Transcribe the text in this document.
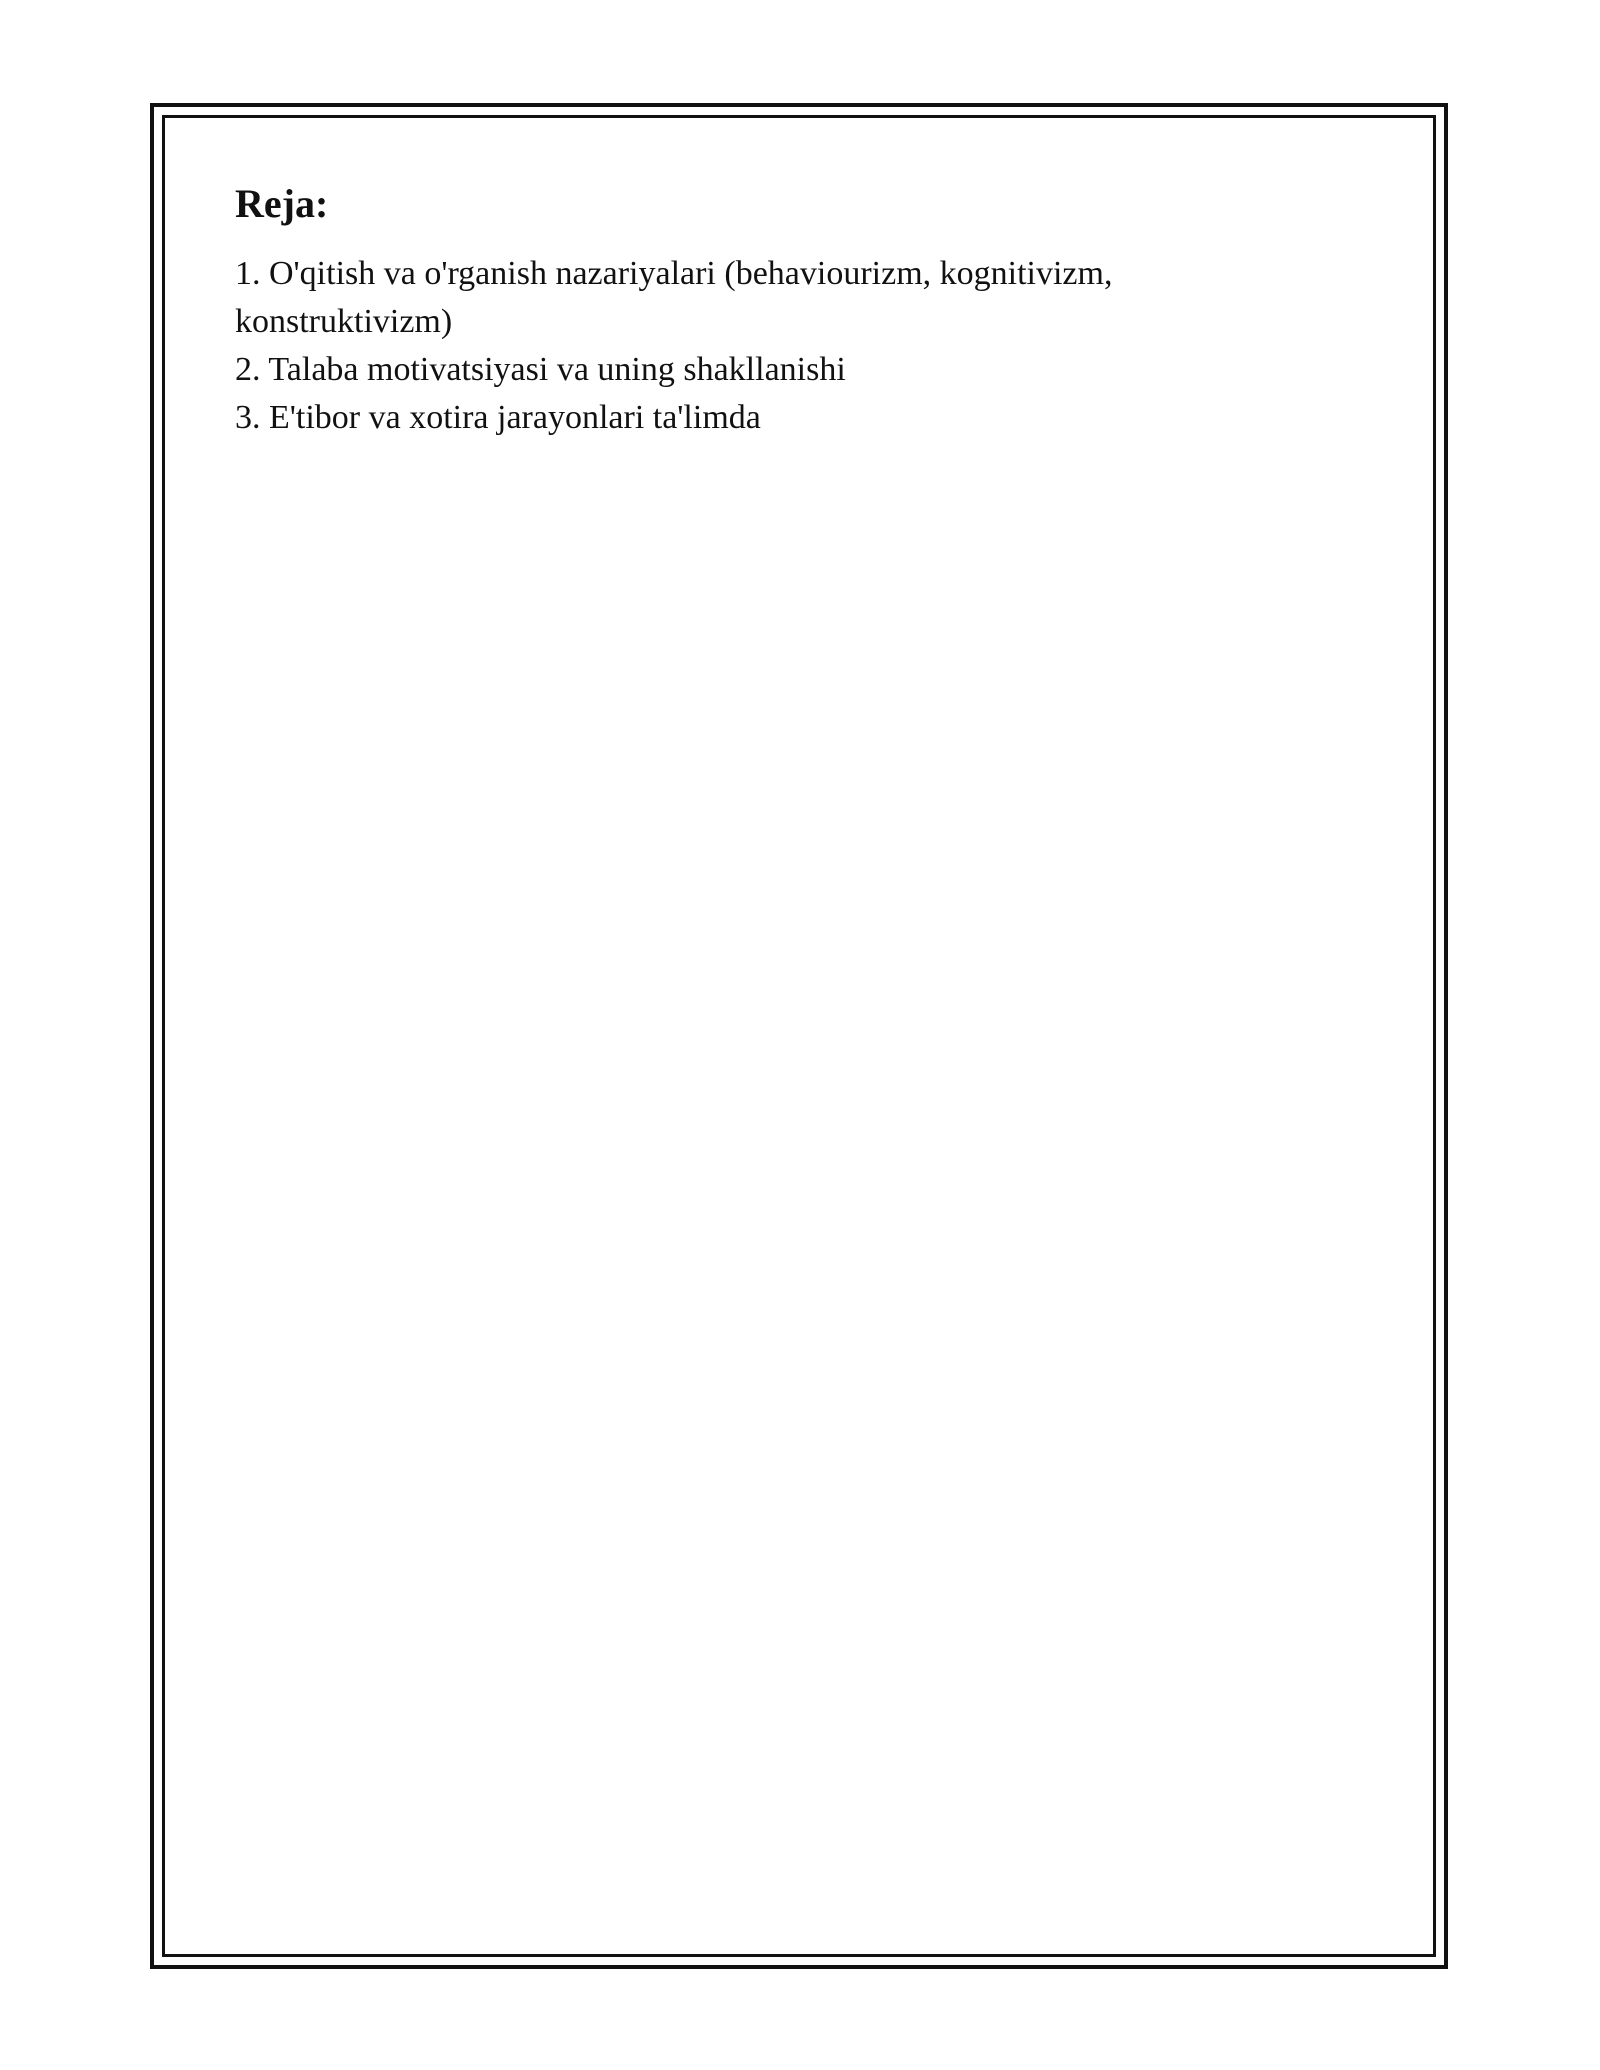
Reja:
1. O'qitish va o'rganish nazariyalari (behaviourizm, kognitivizm, konstruktivizm)
2. Talaba motivatsiyasi va uning shakllanishi
3. E'tibor va xotira jarayonlari ta'limda
